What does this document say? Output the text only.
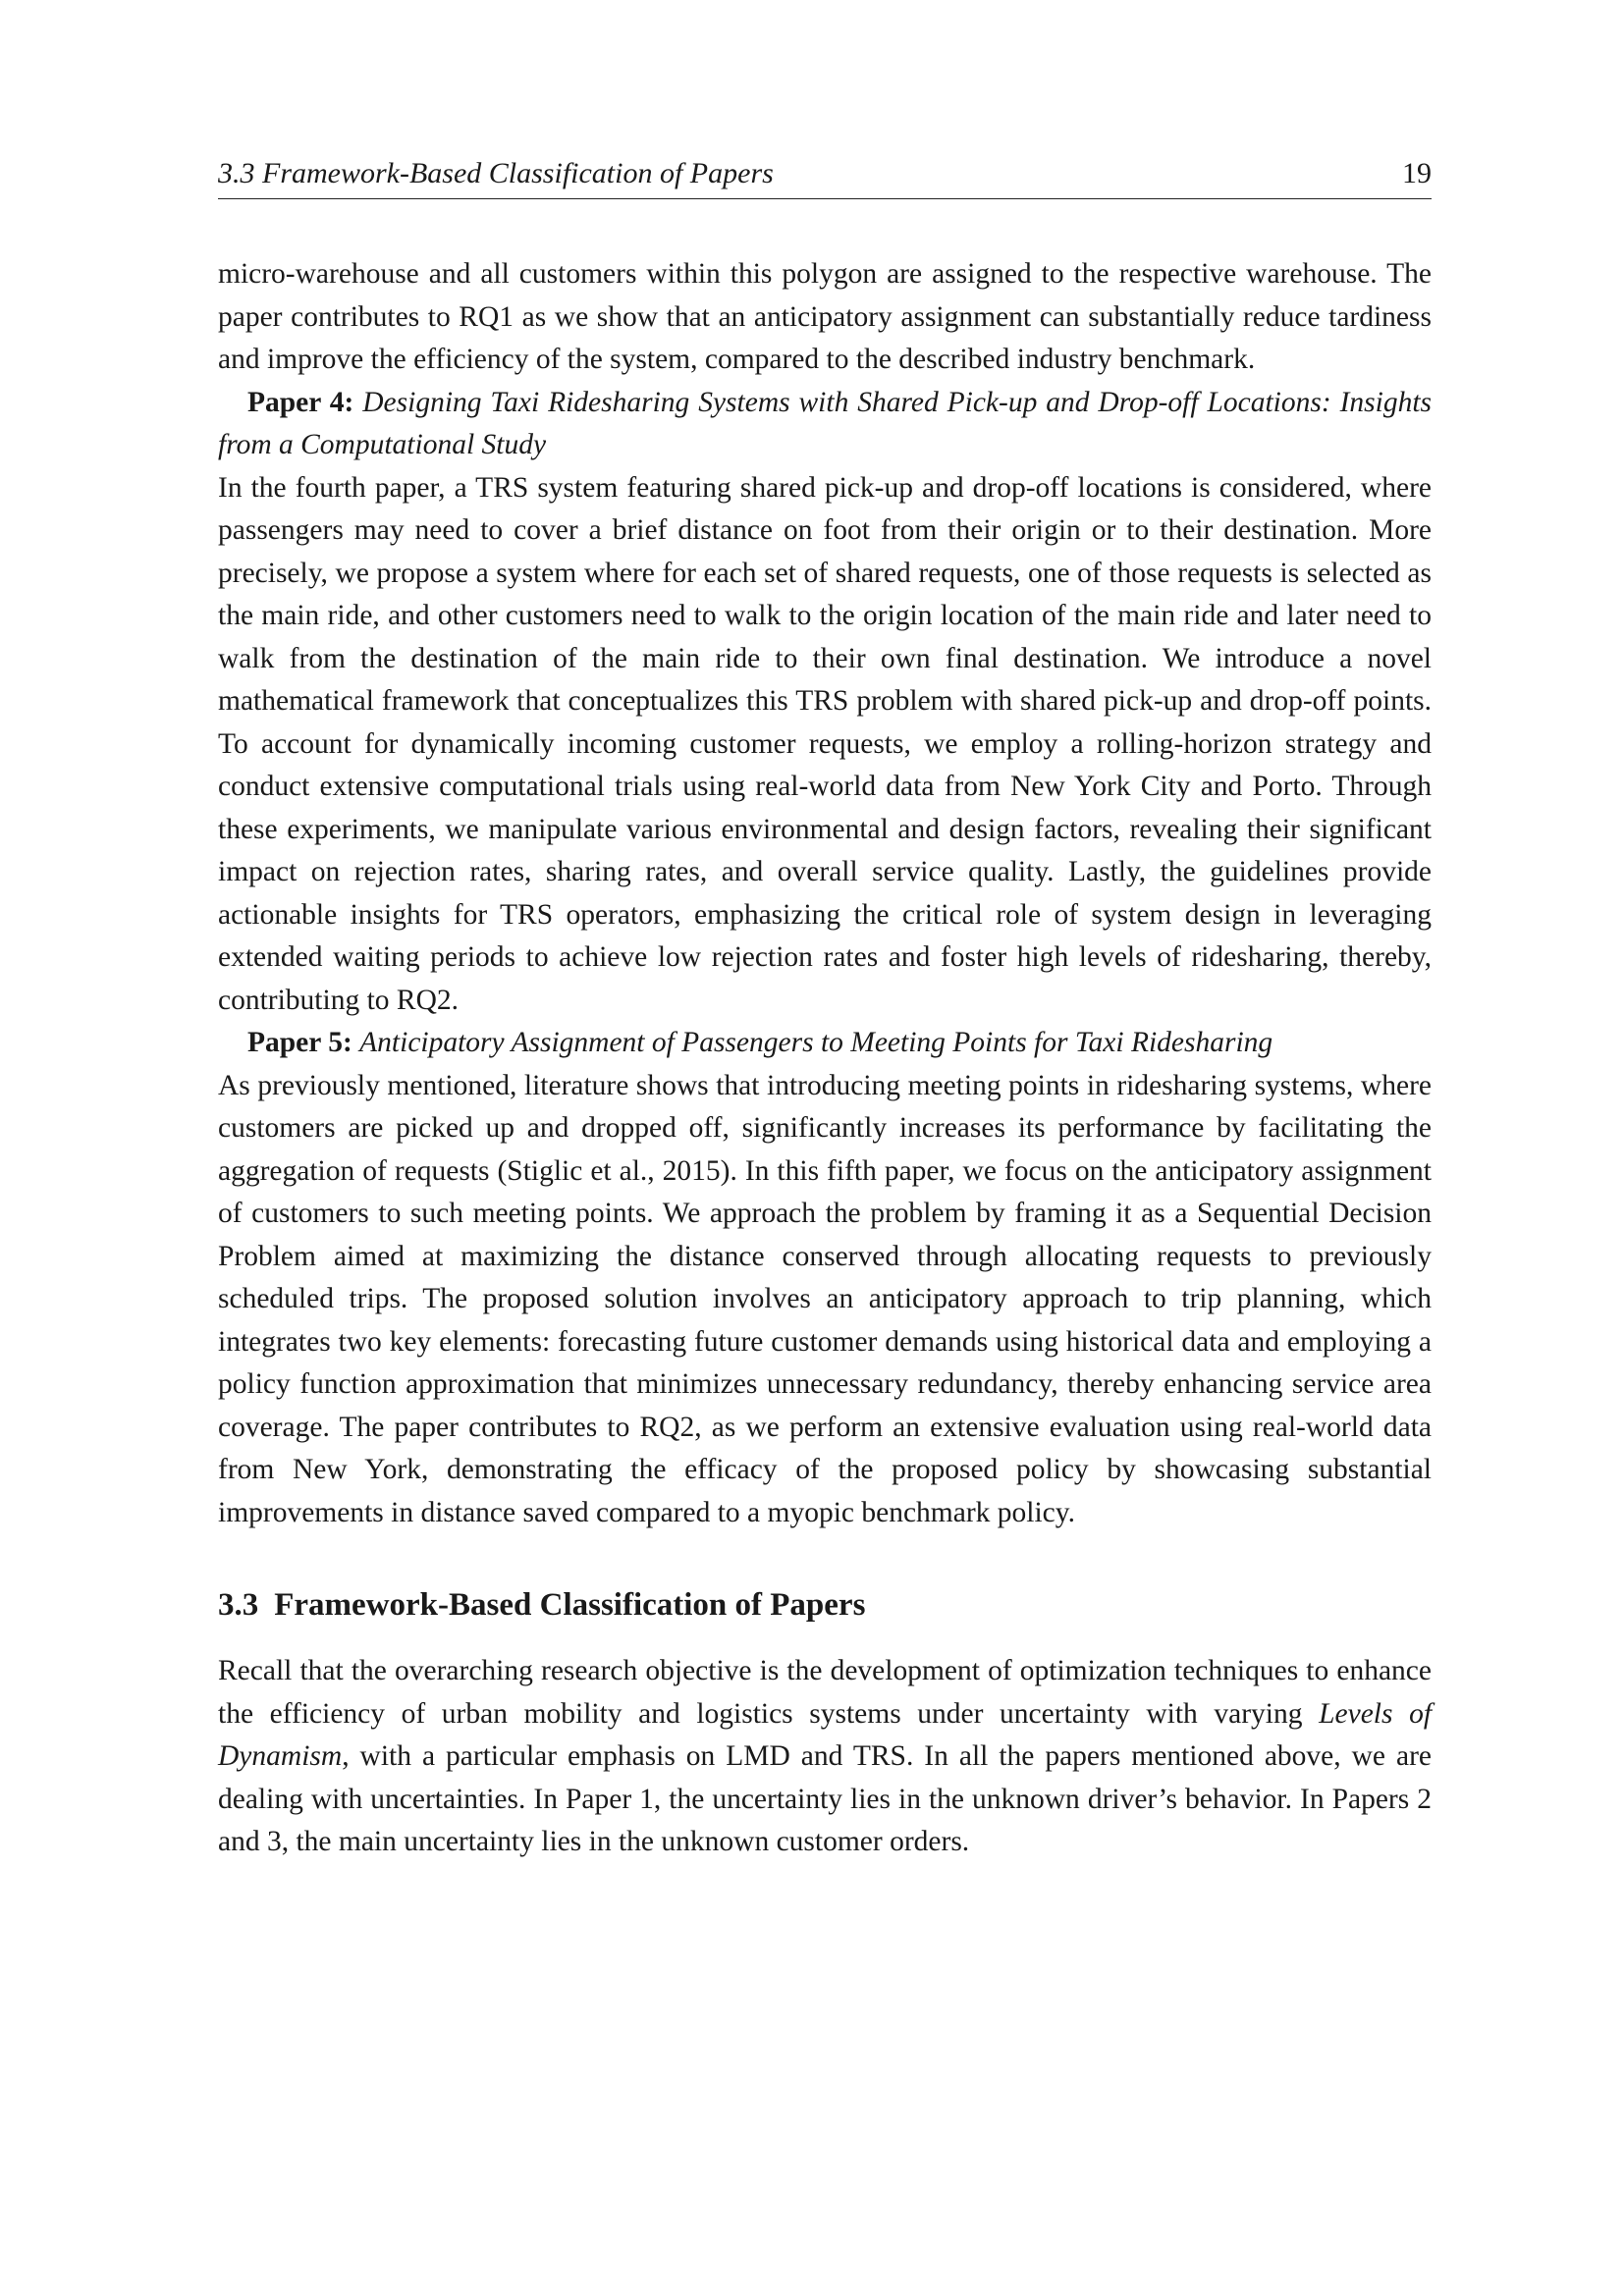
3.3 Framework-Based Classification of Papers	19

micro-warehouse and all customers within this polygon are assigned to the respective warehouse. The paper contributes to RQ1 as we show that an anticipatory assignment can substantially reduce tardiness and improve the efficiency of the system, compared to the described industry benchmark.

Paper 4: Designing Taxi Ridesharing Systems with Shared Pick-up and Drop-off Locations: Insights from a Computational Study

In the fourth paper, a TRS system featuring shared pick-up and drop-off locations is considered, where passengers may need to cover a brief distance on foot from their origin or to their destination. More precisely, we propose a system where for each set of shared requests, one of those requests is selected as the main ride, and other customers need to walk to the origin location of the main ride and later need to walk from the destination of the main ride to their own final destination. We introduce a novel mathematical framework that conceptualizes this TRS problem with shared pick-up and drop-off points. To account for dynamically incoming customer requests, we employ a rolling-horizon strategy and conduct extensive computational trials using real-world data from New York City and Porto. Through these experiments, we manipulate various environmental and design factors, revealing their significant impact on rejection rates, sharing rates, and overall service quality. Lastly, the guidelines provide actionable insights for TRS operators, emphasizing the critical role of system design in leveraging extended waiting periods to achieve low rejection rates and foster high levels of ridesharing, thereby, contributing to RQ2.

Paper 5: Anticipatory Assignment of Passengers to Meeting Points for Taxi Ridesharing

As previously mentioned, literature shows that introducing meeting points in ridesharing systems, where customers are picked up and dropped off, significantly increases its performance by facilitating the aggregation of requests (Stiglic et al., 2015). In this fifth paper, we focus on the anticipatory assignment of customers to such meeting points. We approach the problem by framing it as a Sequential Decision Problem aimed at maximizing the distance conserved through allocating requests to previously scheduled trips. The proposed solution involves an anticipatory approach to trip planning, which integrates two key elements: forecasting future customer demands using historical data and employing a policy function approximation that minimizes unnecessary redundancy, thereby enhancing service area coverage. The paper contributes to RQ2, as we perform an extensive evaluation using real-world data from New York, demonstrating the efficacy of the proposed policy by showcasing substantial improvements in distance saved compared to a myopic benchmark policy.

3.3 Framework-Based Classification of Papers

Recall that the overarching research objective is the development of optimization techniques to enhance the efficiency of urban mobility and logistics systems under uncertainty with varying Levels of Dynamism, with a particular emphasis on LMD and TRS. In all the papers mentioned above, we are dealing with uncertainties. In Paper 1, the uncertainty lies in the unknown driver’s behavior. In Papers 2 and 3, the main uncertainty lies in the unknown customer orders.
